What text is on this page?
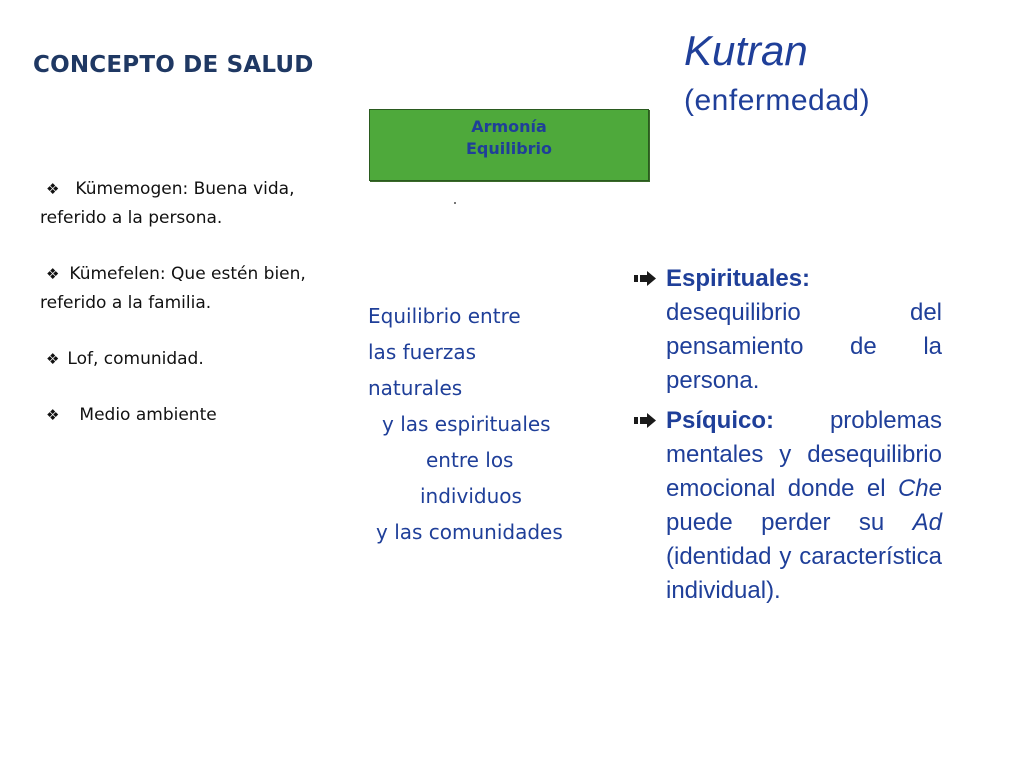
CONCEPTO DE SALUD	Kutran
(enfermedad)
Armonía
Equilibrio
❖ Kümemogen: Buena vida,
referido a la persona.
❖ Kümefelen: Que estén bien,
referido a la familia.
❖ Lof, comunidad.
❖ Medio ambiente
Equilibrio entre
las fuerzas
naturales
y las espirituales
entre los
individuos
y las comunidades
Espirituales: desequilibrio del pensamiento de la persona.
Psíquico: problemas mentales y desequilibrio emocional donde el Che puede perder su Ad (identidad y característica individual).
